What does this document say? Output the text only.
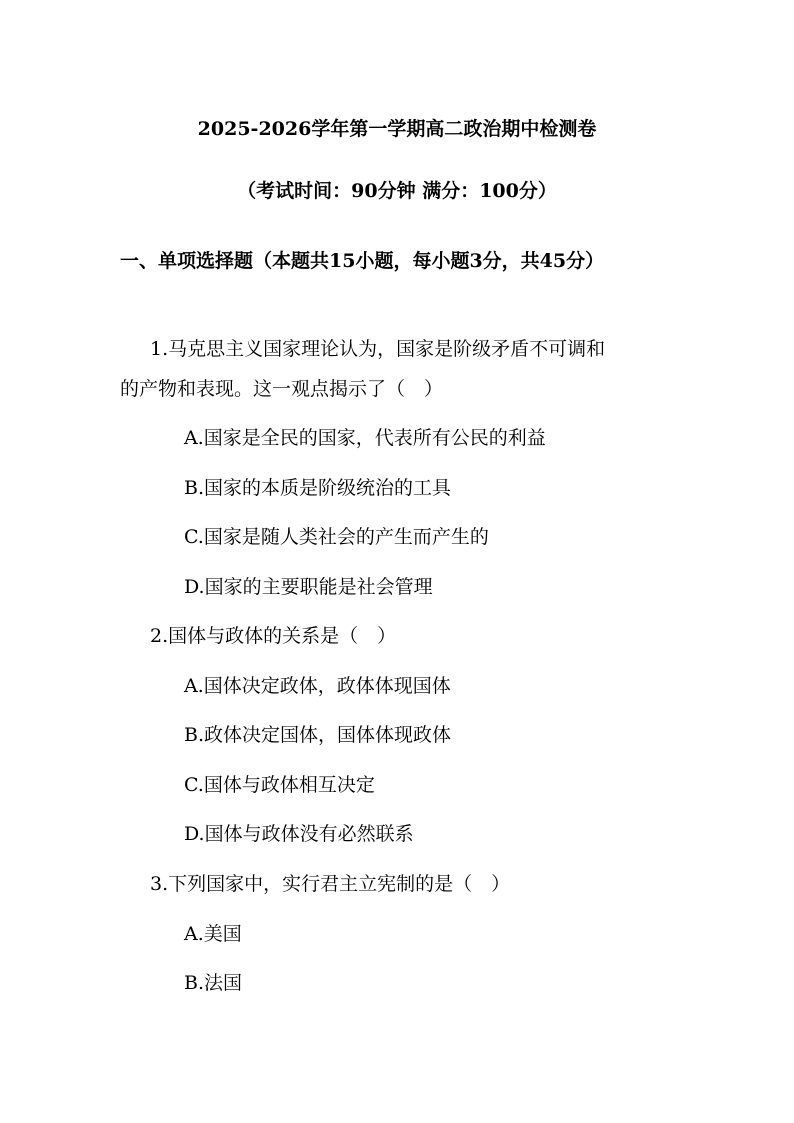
2025-2026学年第一学期高二政治期中检测卷
（考试时间：90分钟 满分：100分）
一、单项选择题（本题共15小题，每小题3分，共45分）
1.马克思主义国家理论认为，国家是阶级矛盾不可调和
的产物和表现。这一观点揭示了（　）
A.国家是全民的国家，代表所有公民的利益
B.国家的本质是阶级统治的工具
C.国家是随人类社会的产生而产生的
D.国家的主要职能是社会管理
2.国体与政体的关系是（　）
A.国体决定政体，政体体现国体
B.政体决定国体，国体体现政体
C.国体与政体相互决定
D.国体与政体没有必然联系
3.下列国家中，实行君主立宪制的是（　）
A.美国
B.法国
